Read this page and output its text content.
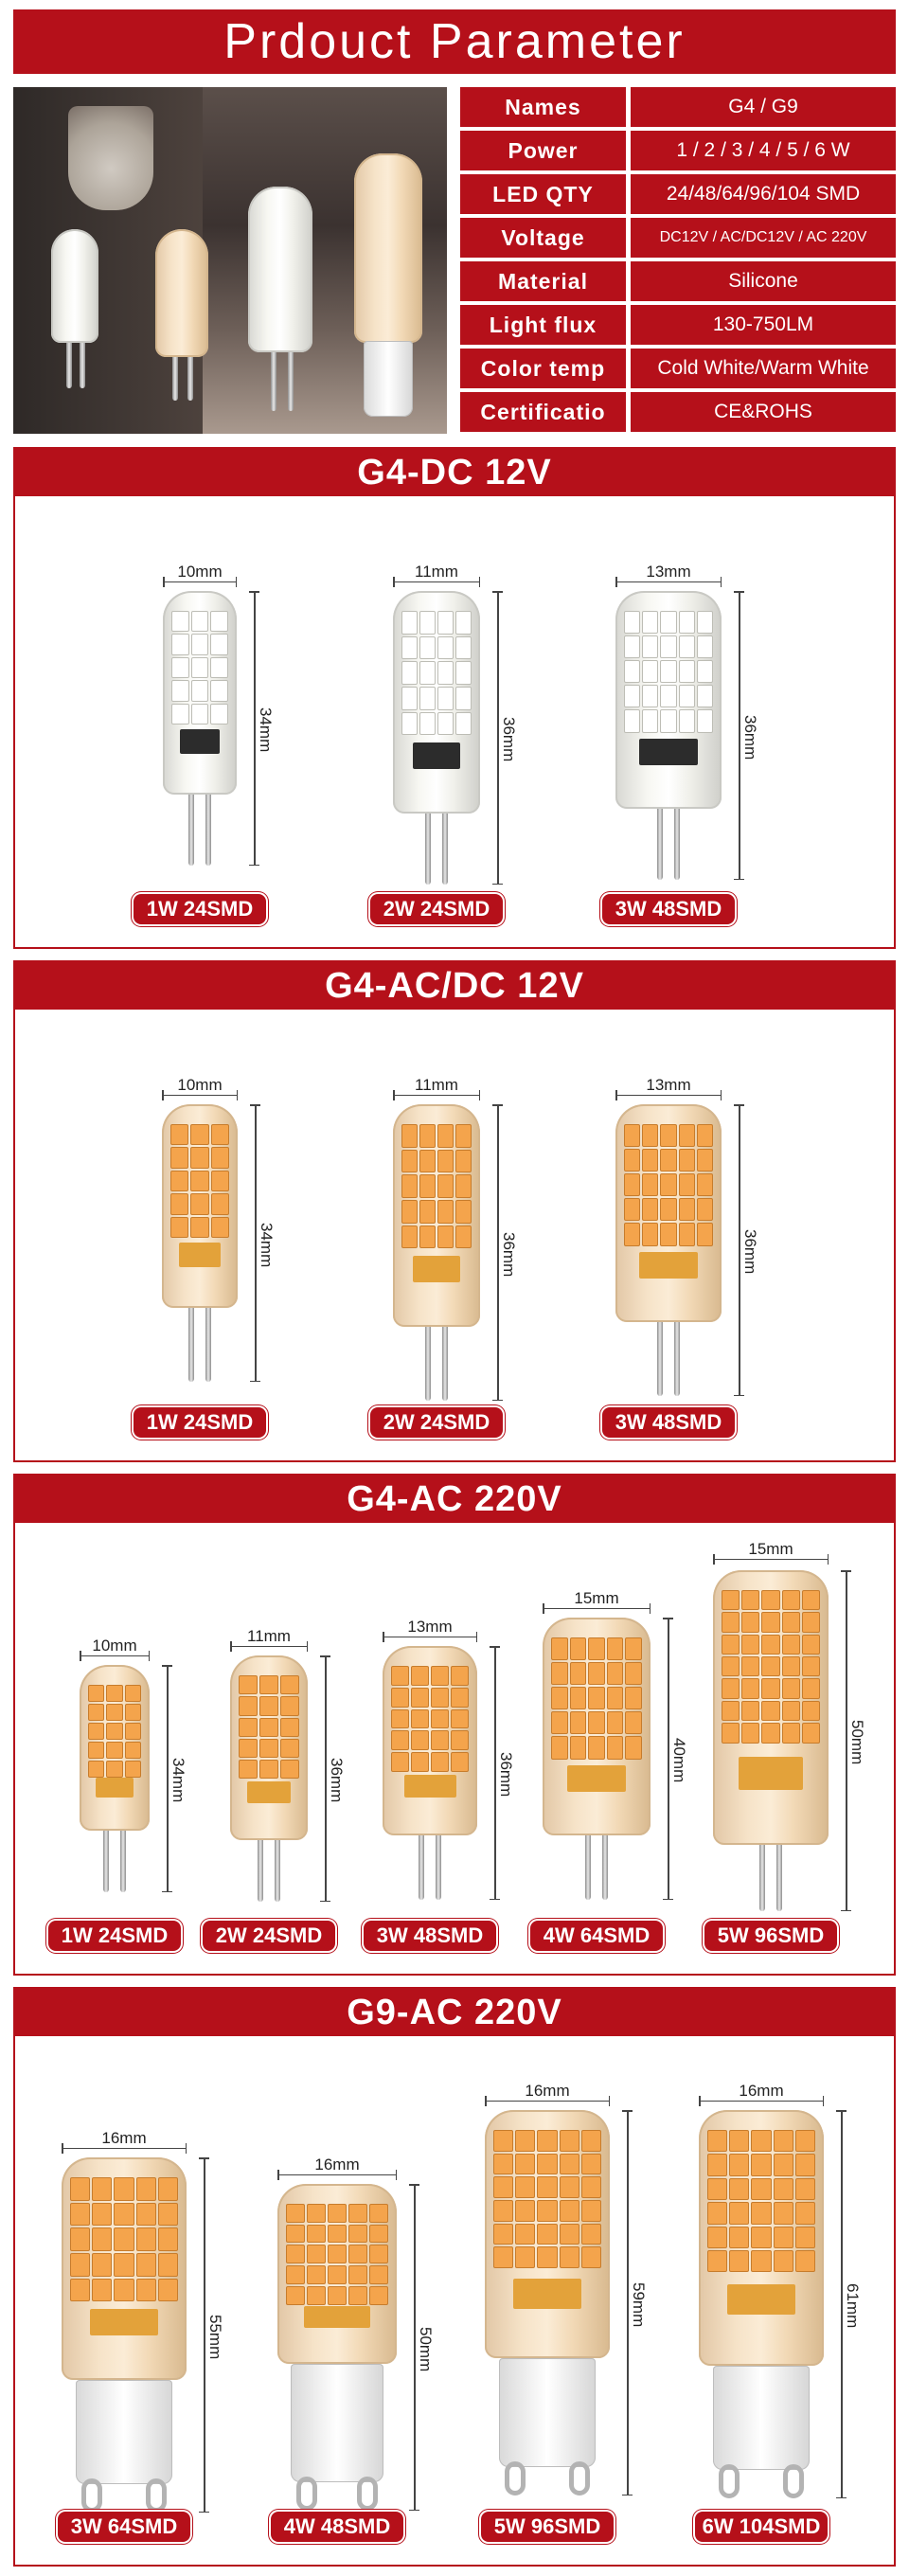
Prdouct Parameter
Names	G4 / G9
Power	1 / 2 / 3 / 4 / 5 / 6 W
LED QTY	24/48/64/96/104 SMD
Voltage	DC12V / AC/DC12V / AC 220V
Material	Silicone
Light flux	130-750LM
Color temp	Cold White/Warm White
Certificatio	CE&ROHS
G4-DC 12V
10mm
34mm
1W 24SMD
11mm
36mm
2W 24SMD
13mm
36mm
3W 48SMD
G4-AC/DC 12V
10mm
34mm
1W 24SMD
11mm
36mm
2W 24SMD
13mm
36mm
3W 48SMD
G4-AC 220V
10mm
34mm
1W 24SMD
11mm
36mm
2W 24SMD
13mm
36mm
3W 48SMD
15mm
40mm
4W 64SMD
15mm
50mm
5W 96SMD
G9-AC 220V
16mm
55mm
3W 64SMD
16mm
50mm
4W 48SMD
16mm
59mm
5W 96SMD
16mm
61mm
6W 104SMD
